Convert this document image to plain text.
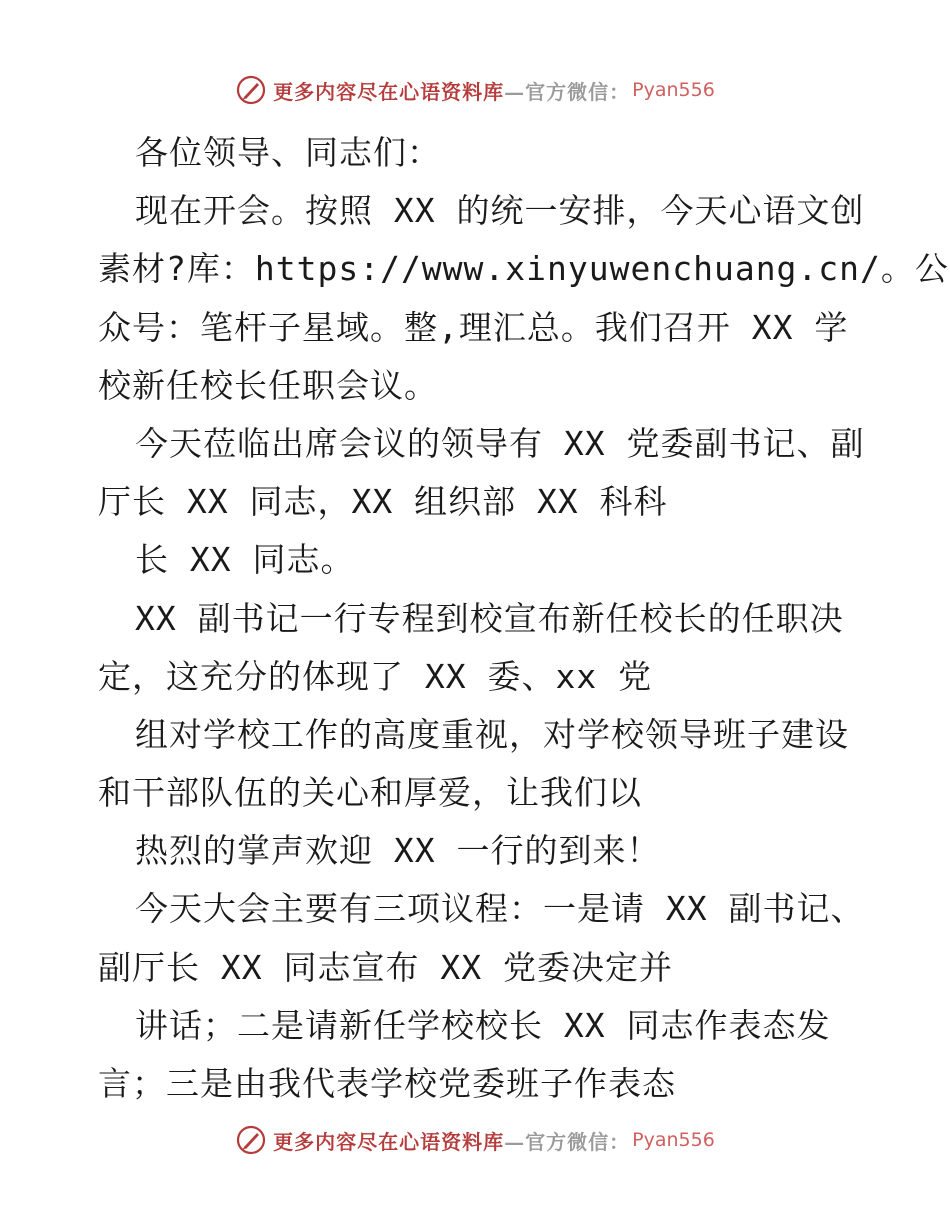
更多内容尽在心语资料库 —官方微信： Pyan556
各位领导、同志们：
现在开会。按照 XX 的统一安排，今天心语文创
素材?库：https://www.xinyuwenchuang.cn/。公
众号：笔杆子星域。整,理汇总。我们召开 XX 学
校新任校长任职会议。
今天莅临出席会议的领导有 XX 党委副书记、副
厅长 XX 同志，XX 组织部 XX 科科
长 XX 同志。
XX 副书记一行专程到校宣布新任校长的任职决
定，这充分的体现了 XX 委、xx 党
组对学校工作的高度重视，对学校领导班子建设
和干部队伍的关心和厚爱，让我们以
热烈的掌声欢迎 XX 一行的到来！
今天大会主要有三项议程：一是请 XX 副书记、
副厅长 XX 同志宣布 XX 党委决定并
讲话；二是请新任学校校长 XX 同志作表态发
言；三是由我代表学校党委班子作表态
更多内容尽在心语资料库 —官方微信： Pyan556
